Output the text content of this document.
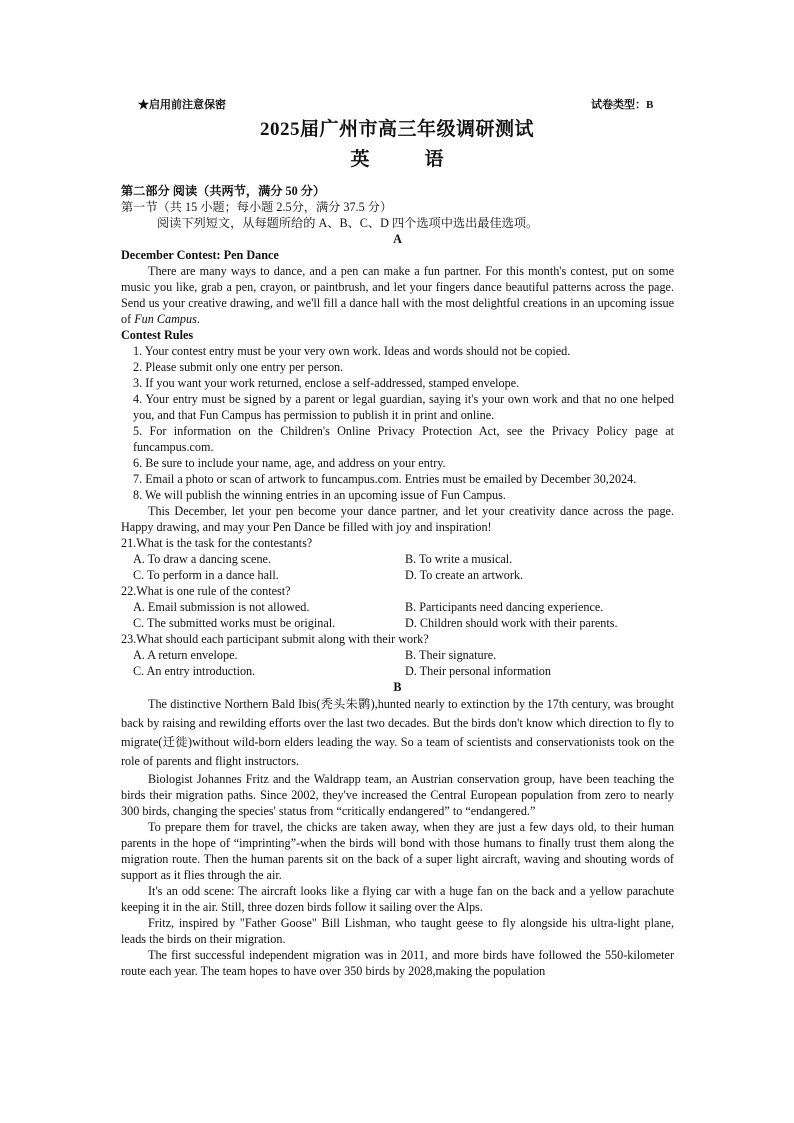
★启用前注意保密	试卷类型：B
2025届广州市高三年级调研测试
英　语

第二部分 阅读（共两节，满分 50 分）

第一节（共 15 小题；每小题 2.5分，满分 37.5 分）

阅读下列短文，从每题所给的 A、B、C、D 四个选项中选出最佳选项。

A

December Contest: Pen Dance

There are many ways to dance, and a pen can make a fun partner. For this month's contest, put on some music you like, grab a pen, crayon, or paintbrush, and let your fingers dance beautiful patterns across the page. Send us your creative drawing, and we'll fill a dance hall with the most delightful creations in an upcoming issue of Fun Campus.

Contest Rules

1. Your contest entry must be your very own work. Ideas and words should not be copied.

2. Please submit only one entry per person.

3. If you want your work returned, enclose a self-addressed, stamped envelope.

4. Your entry must be signed by a parent or legal guardian, saying it's your own work and that no one helped you, and that Fun Campus has permission to publish it in print and online.

5. For information on the Children's Online Privacy Protection Act, see the Privacy Policy page at funcampus.com.

6. Be sure to include your name, age, and address on your entry.

7. Email a photo or scan of artwork to funcampus.com. Entries must be emailed by December 30,2024.

8. We will publish the winning entries in an upcoming issue of Fun Campus.

This December, let your pen become your dance partner, and let your creativity dance across the page. Happy drawing, and may your Pen Dance be filled with joy and inspiration!

21.What is the task for the contestants?

A. To draw a dancing scene.	B. To write a musical.
C. To perform in a dance hall.	D. To create an artwork.

22.What is one rule of the contest?

A. Email submission is not allowed.	B. Participants need dancing experience.
C. The submitted works must be original.	D. Children should work with their parents.

23.What should each participant submit along with their work?

A. A return envelope.	B. Their signature.
C. An entry introduction.	D. Their personal information

B

The distinctive Northern Bald Ibis(秃头朱鹮),hunted nearly to extinction by the 17th century, was brought back by raising and rewilding efforts over the last two decades. But the birds don't know which direction to fly to migrate(迁徙)without wild-born elders leading the way. So a team of scientists and conservationists took on the role of parents and flight instructors.

Biologist Johannes Fritz and the Waldrapp team, an Austrian conservation group, have been teaching the birds their migration paths. Since 2002, they've increased the Central European population from zero to nearly 300 birds, changing the species' status from “critically endangered” to “endangered.”

To prepare them for travel, the chicks are taken away, when they are just a few days old, to their human parents in the hope of “imprinting”-when the birds will bond with those humans to finally trust them along the migration route. Then the human parents sit on the back of a super light aircraft, waving and shouting words of support as it flies through the air.

It's an odd scene: The aircraft looks like a flying car with a huge fan on the back and a yellow parachute keeping it in the air. Still, three dozen birds follow it sailing over the Alps.

Fritz, inspired by "Father Goose" Bill Lishman, who taught geese to fly alongside his ultra-light plane, leads the birds on their migration.

The first successful independent migration was in 2011, and more birds have followed the 550-kilometer route each year. The team hopes to have over 350 birds by 2028,making the population
